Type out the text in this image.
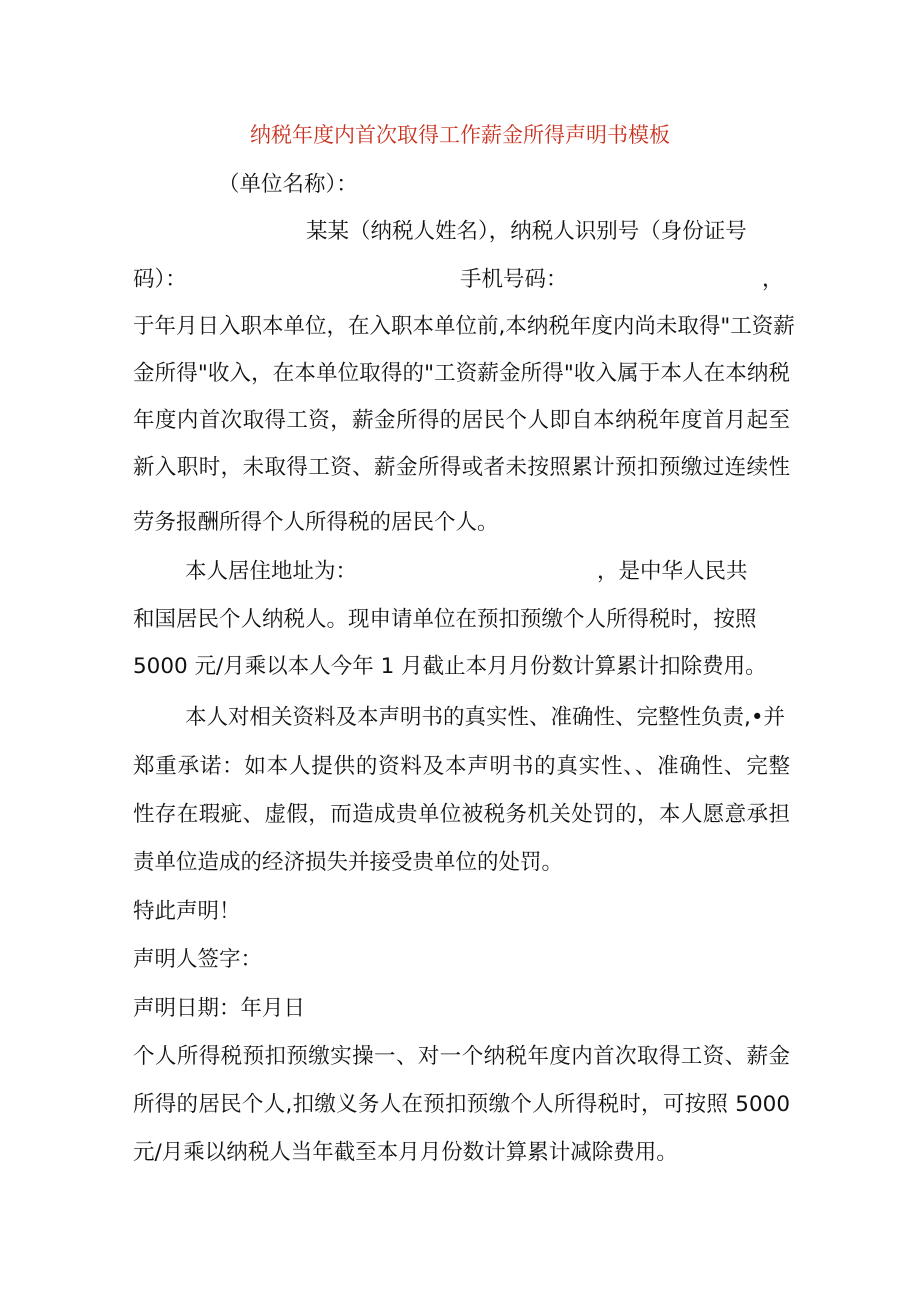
纳税年度内首次取得工作薪金所得声明书模板
（单位名称）：
某某（纳税人姓名），纳税人识别号（身份证号
码）：	手机号码：	，
于年月日入职本单位，在入职本单位前,本纳税年度内尚未取得"工资薪
金所得"收入，在本单位取得的"工资薪金所得"收入属于本人在本纳税
年度内首次取得工资，薪金所得的居民个人即自本纳税年度首月起至
新入职时，未取得工资、薪金所得或者未按照累计预扣预缴过连续性
劳务报酬所得个人所得税的居民个人。
本人居住地址为：	，是中华人民共
和国居民个人纳税人。现申请单位在预扣预缴个人所得税时，按照
5000 元/月乘以本人今年 1 月截止本月月份数计算累计扣除费用。
本人对相关资料及本声明书的真实性、准确性、完整性负责,•并
郑重承诺：如本人提供的资料及本声明书的真实性、、准确性、完整
性存在瑕疵、虚假，而造成贵单位被税务机关处罚的，本人愿意承担
责单位造成的经济损失并接受贵单位的处罚。
特此声明！
声明人签字：
声明日期：年月日
个人所得税预扣预缴实操一、对一个纳税年度内首次取得工资、薪金
所得的居民个人,扣缴义务人在预扣预缴个人所得税时，可按照 5000
元/月乘以纳税人当年截至本月月份数计算累计减除费用。
